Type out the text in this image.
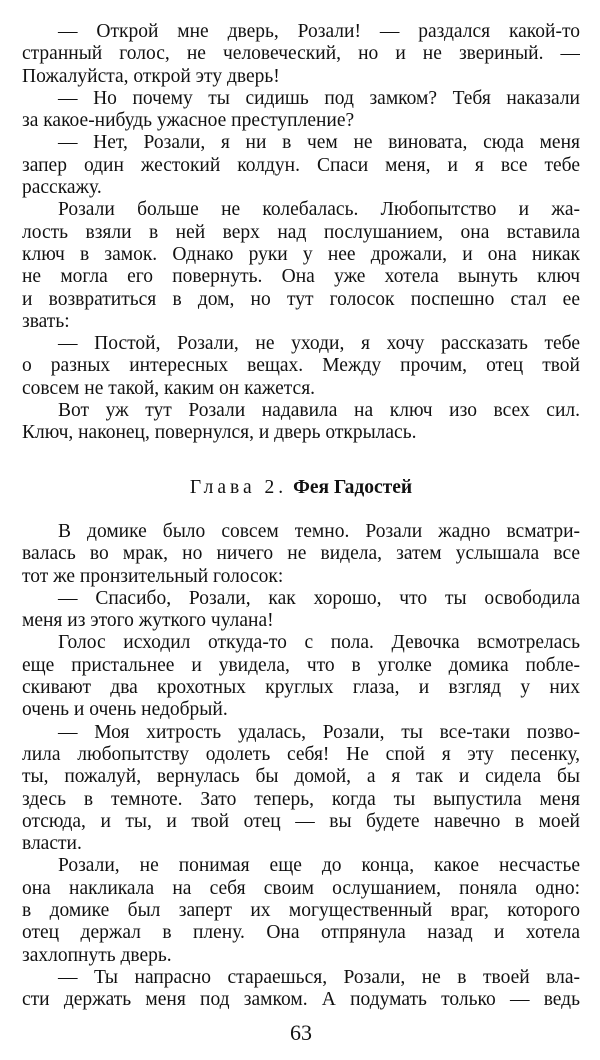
— Открой мне дверь, Розали! — раздался какой-то
странный голос, не человеческий, но и не звериный. —
Пожалуйста, открой эту дверь!
— Но почему ты сидишь под замком? Тебя наказали
за какое-нибудь ужасное преступление?
— Нет, Розали, я ни в чем не виновата, сюда меня
запер один жестокий колдун. Спаси меня, и я все тебе
расскажу.
Розали больше не колебалась. Любопытство и жа-
лость взяли в ней верх над послушанием, она вставила
ключ в замок. Однако руки у нее дрожали, и она никак
не могла его повернуть. Она уже хотела вынуть ключ
и возвратиться в дом, но тут голосок поспешно стал ее
звать:
— Постой, Розали, не уходи, я хочу рассказать тебе
о разных интересных вещах. Между прочим, отец твой
совсем не такой, каким он кажется.
Вот уж тут Розали надавила на ключ изо всех сил.
Ключ, наконец, повернулся, и дверь открылась.
Глава 2. Фея Гадостей
В домике было совсем темно. Розали жадно всматри-
валась во мрак, но ничего не видела, затем услышала все
тот же пронзительный голосок:
— Спасибо, Розали, как хорошо, что ты освободила
меня из этого жуткого чулана!
Голос исходил откуда-то с пола. Девочка всмотрелась
еще пристальнее и увидела, что в уголке домика побле-
скивают два крохотных круглых глаза, и взгляд у них
очень и очень недобрый.
— Моя хитрость удалась, Розали, ты все-таки позво-
лила любопытству одолеть себя! Не спой я эту песенку,
ты, пожалуй, вернулась бы домой, а я так и сидела бы
здесь в темноте. Зато теперь, когда ты выпустила меня
отсюда, и ты, и твой отец — вы будете навечно в моей
власти.
Розали, не понимая еще до конца, какое несчастье
она накликала на себя своим ослушанием, поняла одно:
в домике был заперт их могущественный враг, которого
отец держал в плену. Она отпрянула назад и хотела
захлопнуть дверь.
— Ты напрасно стараешься, Розали, не в твоей вла-
сти держать меня под замком. А подумать только — ведь
63
